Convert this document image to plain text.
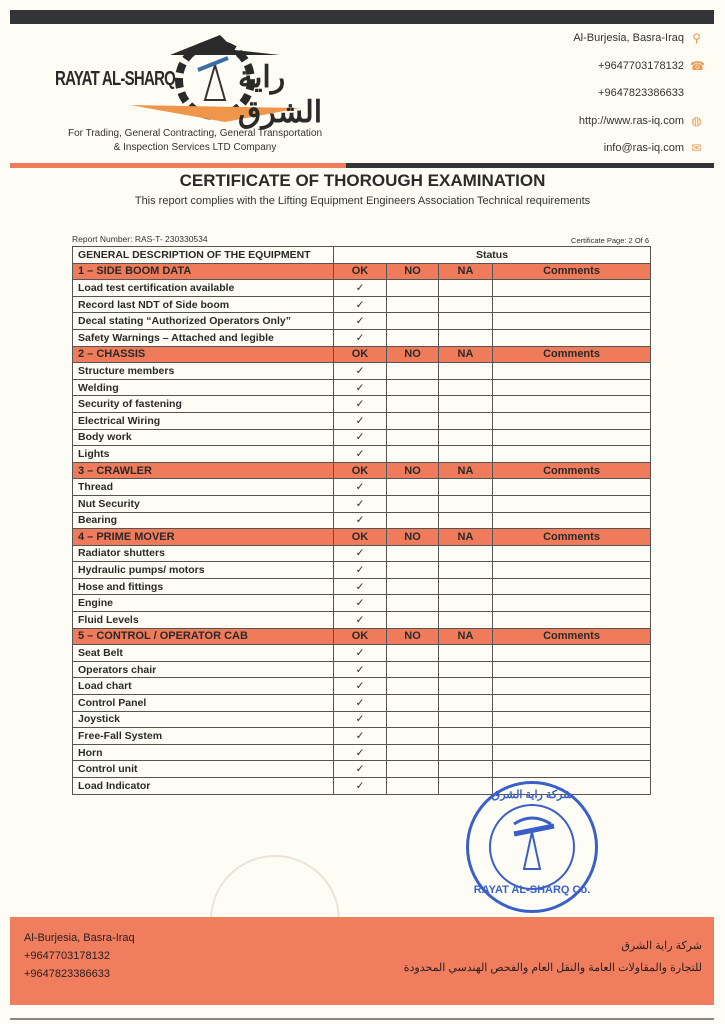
RAYAT AL-SHARQ راية الشرق
For Trading, General Contracting, General Transportation
& Inspection Services LTD Company
Al-Burjesia, Basra-Iraq ⚲
+9647703178132 ☎
+9647823386633
http://www.ras-iq.com ◍
info@ras-iq.com ✉
CERTIFICATE OF THOROUGH EXAMINATION
This report complies with the Lifting Equipment Engineers Association Technical requirements
Report Number: RAS-T- 230330534	Certificate Page: 2 Of 6
GENERAL DESCRIPTION OF THE EQUIPMENT	Status			
1 – SIDE BOOM DATA	OK	NO	NA	Comments
Load test certification available	✓			
Record last NDT of Side boom	✓			
Decal stating “Authorized Operators Only”	✓			
Safety Warnings – Attached and legible	✓			
2 – CHASSIS	OK	NO	NA	Comments
Structure members	✓			
Welding	✓			
Security of fastening	✓			
Electrical Wiring	✓			
Body work	✓			
Lights	✓			
3 – CRAWLER	OK	NO	NA	Comments
Thread	✓			
Nut Security	✓			
Bearing	✓			
4 – PRIME MOVER	OK	NO	NA	Comments
Radiator shutters	✓			
Hydraulic pumps/ motors	✓			
Hose and fittings	✓			
Engine	✓			
Fluid Levels	✓			
5 – CONTROL / OPERATOR CAB	OK	NO	NA	Comments
Seat Belt	✓			
Operators chair	✓			
Load chart	✓			
Control Panel	✓			
Joystick	✓			
Free-Fall System	✓			
Horn	✓			
Control unit	✓			
Load Indicator	✓			
RAYAT AL-SHARQ Co.
شركة راية الشرق
Al-Burjesia, Basra-Iraq
+9647703178132
+9647823386633
شركة راية الشرق
للتجارة والمقاولات العامة والنقل العام والفحص الهندسي المحدودة
